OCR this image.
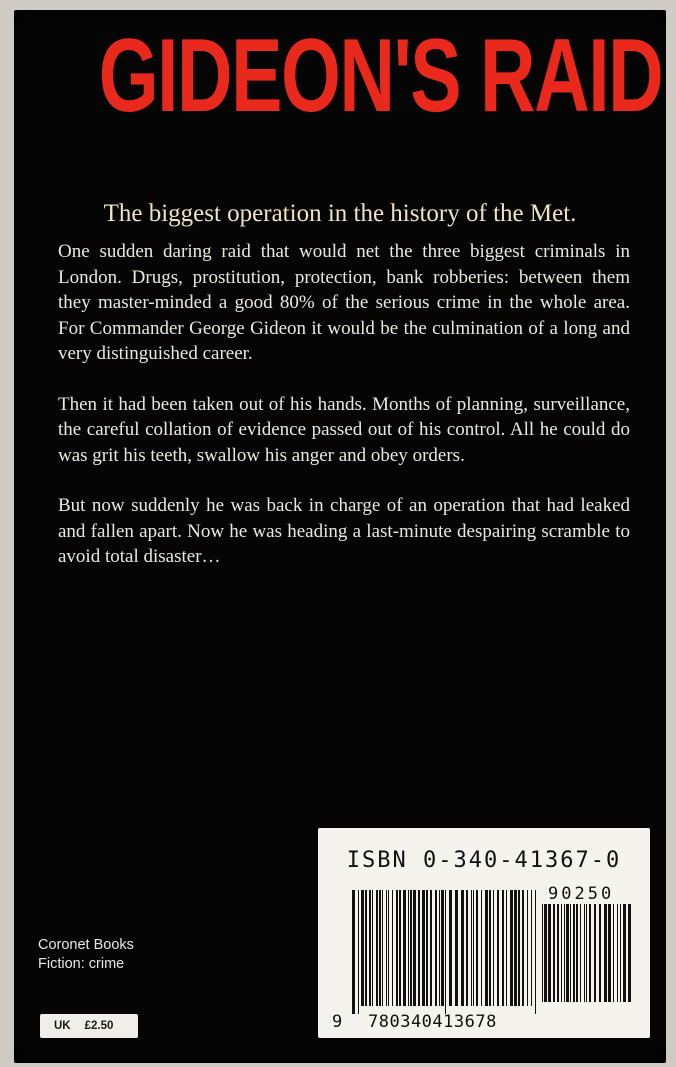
GIDEON'S RAID
The biggest operation in the history of the Met.

One sudden daring raid that would net the three biggest criminals in London. Drugs, prostitution, protection, bank robberies: between them they master-minded a good 80% of the serious crime in the whole area. For Commander George Gideon it would be the culmination of a long and very distinguished career.

Then it had been taken out of his hands. Months of planning, surveillance, the careful collation of evidence passed out of his control. All he could do was grit his teeth, swallow his anger and obey orders.

But now suddenly he was back in charge of an operation that had leaked and fallen apart. Now he was heading a last-minute despairing scramble to avoid total disaster…

Coronet Books
Fiction: crime
UK £2.50
ISBN 0-340-41367-0
90250
9 780340413678
